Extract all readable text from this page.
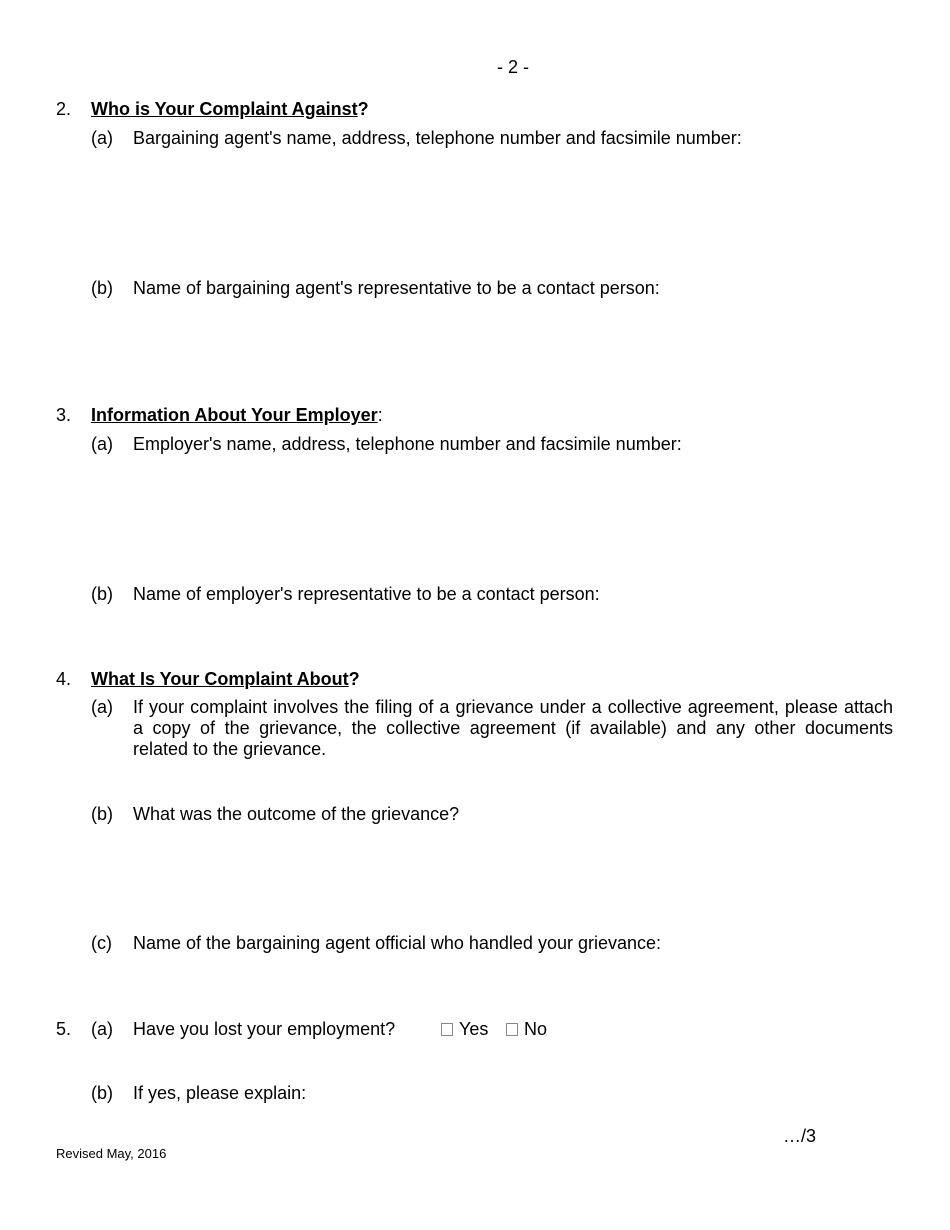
- 2 -
2. Who is Your Complaint Against?
(a) Bargaining agent's name, address, telephone number and facsimile number:
(b) Name of bargaining agent's representative to be a contact person:
3. Information About Your Employer:
(a) Employer's name, address, telephone number and facsimile number:
(b) Name of employer's representative to be a contact person:
4. What Is Your Complaint About?
(a) If your complaint involves the filing of a grievance under a collective agreement, please attach a copy of the grievance, the collective agreement (if available) and any other documents related to the grievance.
(b) What was the outcome of the grievance?
(c) Name of the bargaining agent official who handled your grievance:
5. (a) Have you lost your employment?	Yes	No
(b) If yes, please explain:
…/3
Revised May, 2016
